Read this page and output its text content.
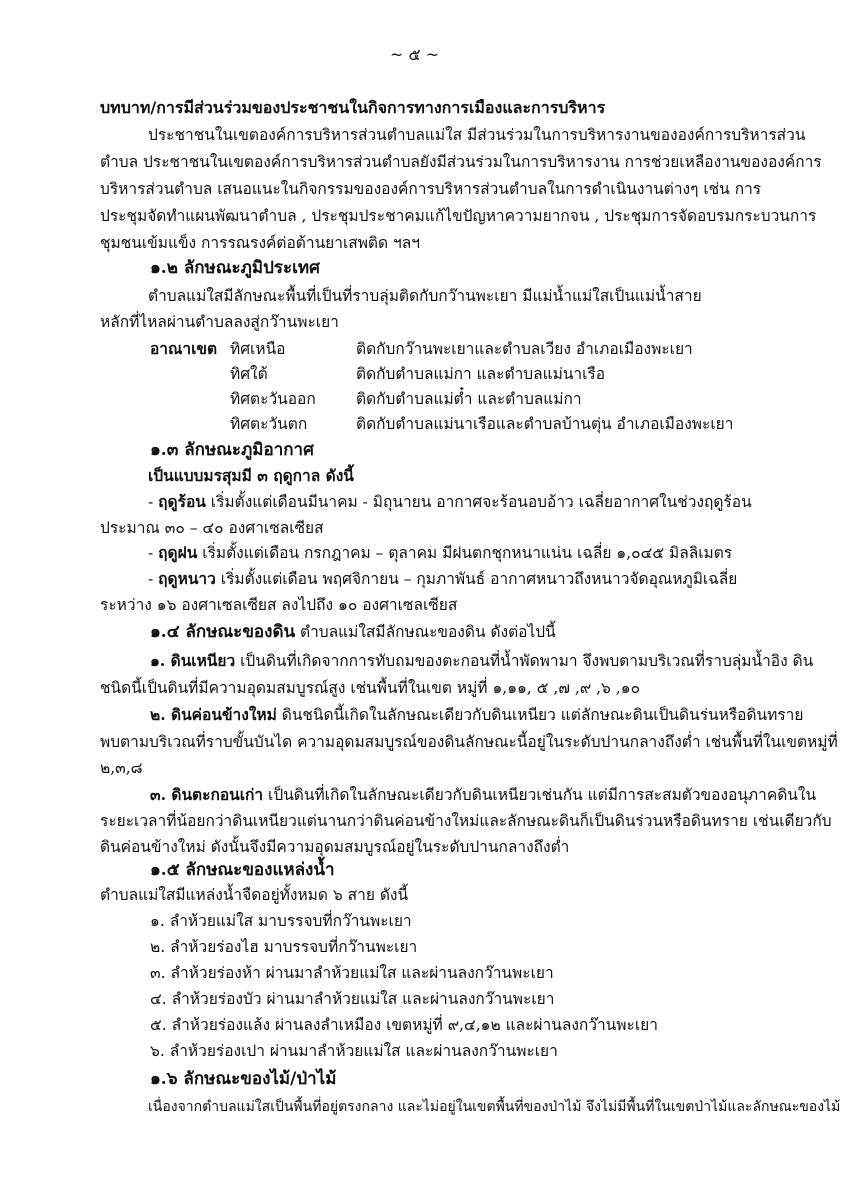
~ ๕ ~
บทบาท/การมีส่วนร่วมของประชาชนในกิจการทางการเมืองและการบริหาร
ประชาชนในเขตองค์การบริหารส่วนตำบลแม่ใส มีส่วนร่วมในการบริหารงานขององค์การบริหารส่วน
ตำบล ประชาชนในเขตองค์การบริหารส่วนตำบลยังมีส่วนร่วมในการบริหารงาน การช่วยเหลืองานขององค์การ
บริหารส่วนตำบล เสนอแนะในกิจกรรมขององค์การบริหารส่วนตำบลในการดำเนินงานต่างๆ เช่น การ
ประชุมจัดทำแผนพัฒนาตำบล , ประชุมประชาคมแก้ไขปัญหาความยากจน , ประชุมการจัดอบรมกระบวนการ
ชุมชนเข้มแข็ง การรณรงค์ต่อต้านยาเสพติด ฯลฯ
๑.๒ ลักษณะภูมิประเทศ
ตำบลแม่ใสมีลักษณะพื้นที่เป็นที่ราบลุ่มติดกับกว๊านพะเยา มีแม่น้ำแม่ใสเป็นแม่น้ำสาย
หลักที่ไหลผ่านตำบลลงสู่กว๊านพะเยา
อาณาเขต ทิศเหนือ	ติดกับกว๊านพะเยาและตำบลเวียง อำเภอเมืองพะเยา
ทิศใต้	ติดกับตำบลแม่กา และตำบลแม่นาเรือ
ทิศตะวันออก	ติดกับตำบลแม่ต๋ำ และตำบลแม่กา
ทิศตะวันตก	ติดกับตำบลแม่นาเรือและตำบลบ้านตุ่น อำเภอเมืองพะเยา
๑.๓ ลักษณะภูมิอากาศ
เป็นแบบมรสุมมี ๓ ฤดูกาล ดังนี้
- ฤดูร้อน เริ่มตั้งแต่เดือนมีนาคม - มิถุนายน อากาศจะร้อนอบอ้าว เฉลี่ยอากาศในช่วงฤดูร้อน
ประมาณ ๓๐ – ๔๐ องศาเซลเซียส
- ฤดูฝน เริ่มตั้งแต่เดือน กรกฎาคม – ตุลาคม มีฝนตกชุกหนาแน่น เฉลี่ย ๑,๐๔๕ มิลลิเมตร
- ฤดูหนาว เริ่มตั้งแต่เดือน พฤศจิกายน – กุมภาพันธ์ อากาศหนาวถึงหนาวจัดอุณหภูมิเฉลี่ย
ระหว่าง ๑๖ องศาเซลเซียส ลงไปถึง ๑๐ องศาเซลเซียส
๑.๔ ลักษณะของดิน ตำบลแม่ใสมีลักษณะของดิน ดังต่อไปนี้
๑. ดินเหนียว เป็นดินที่เกิดจากการทับถมของตะกอนที่น้ำพัดพามา จึงพบตามบริเวณที่ราบลุ่มน้ำอิง ดิน
ชนิดนี้เป็นดินที่มีความอุดมสมบูรณ์สูง เช่นพื้นที่ในเขต หมู่ที่ ๑,๑๑, ๕ ,๗ ,๙ ,๖ ,๑๐
๒. ดินค่อนข้างใหม่ ดินชนิดนี้เกิดในลักษณะเดียวกับดินเหนียว แต่ลักษณะดินเป็นดินร่นหรือดินทราย
พบตามบริเวณที่ราบขั้นบันได ความอุดมสมบูรณ์ของดินลักษณะนี้อยู่ในระดับปานกลางถึงต่ำ เช่นพื้นที่ในเขตหมู่ที่
๒,๓,๘
๓. ดินตะกอนเก่า เป็นดินที่เกิดในลักษณะเดียวกับดินเหนียวเช่นกัน แต่มีการสะสมตัวของอนุภาคดินใน
ระยะเวลาที่น้อยกว่าดินเหนียวแต่นานกว่าดินค่อนข้างใหม่และลักษณะดินก็เป็นดินร่วนหรือดินทราย เช่นเดียวกับ
ดินค่อนข้างใหม่ ดังนั้นจึงมีความอุดมสมบูรณ์อยู่ในระดับปานกลางถึงต่ำ
๑.๕ ลักษณะของแหล่งน้ำ
ตำบลแม่ใสมีแหล่งน้ำจืดอยู่ทั้งหมด ๖ สาย ดังนี้
๑. ลำห้วยแม่ใส มาบรรจบที่กว๊านพะเยา
๒. ลำห้วยร่องไฮ มาบรรจบที่กว๊านพะเยา
๓. ลำห้วยร่องห้า ผ่านมาลำห้วยแม่ใส และผ่านลงกว๊านพะเยา
๔. ลำห้วยร่องบัว ผ่านมาลำห้วยแม่ใส และผ่านลงกว๊านพะเยา
๕. ลำห้วยร่องแล้ง ผ่านลงลำเหมือง เขตหมู่ที่ ๙,๔,๑๒ และผ่านลงกว๊านพะเยา
๖. ลำห้วยร่องเปา ผ่านมาลำห้วยแม่ใส และผ่านลงกว๊านพะเยา
๑.๖ ลักษณะของไม้/ป่าไม้
เนื่องจากตำบลแม่ใสเป็นพื้นที่อยู่ตรงกลาง และไม่อยู่ในเขตพื้นที่ของป่าไม้ จึงไม่มีพื้นที่ในเขตป่าไม้และลักษณะของไม้
